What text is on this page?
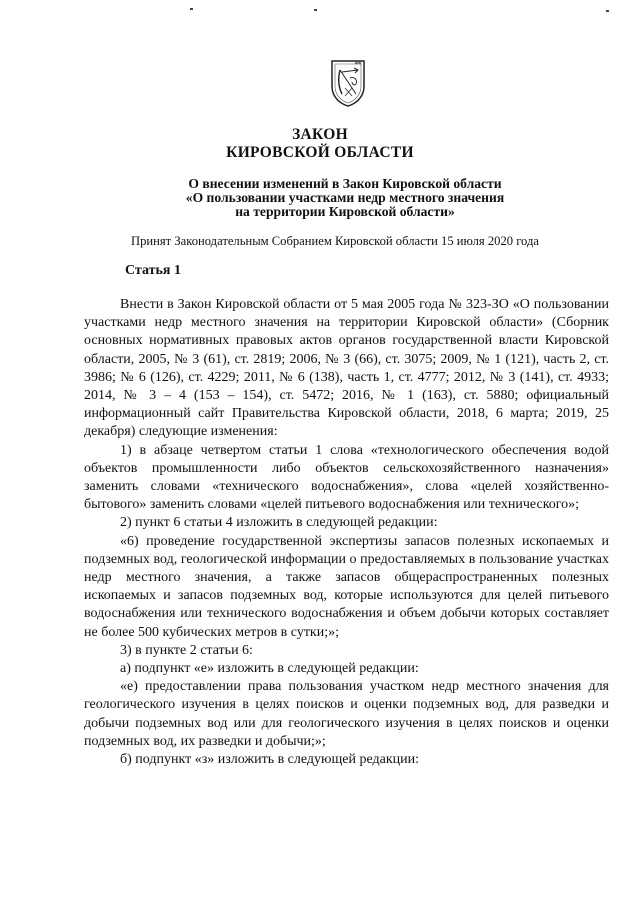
ЗАКОН
КИРОВСКОЙ ОБЛАСТИ
О внесении изменений в Закон Кировской области
«О пользовании участками недр местного значения
на территории Кировской области»
Принят Законодательным Собранием Кировской области 15 июля 2020 года
Статья 1

Внести в Закон Кировской области от 5 мая 2005 года № 323-ЗО «О пользовании участками недр местного значения на территории Кировской области» (Сборник основных нормативных правовых актов органов государственной власти Кировской области, 2005, № 3 (61), ст. 2819; 2006, № 3 (66), ст. 3075; 2009, № 1 (121), часть 2, ст. 3986; № 6 (126), ст. 4229; 2011, № 6 (138), часть 1, ст. 4777; 2012, № 3 (141), ст. 4933; 2014, № 3 – 4 (153 – 154), ст. 5472; 2016, № 1 (163), ст. 5880; официальный информационный сайт Правительства Кировской области, 2018, 6 марта; 2019, 25 декабря) следующие изменения:

1) в абзаце четвертом статьи 1 слова «технологического обеспечения водой объектов промышленности либо объектов сельскохозяйственного назначения» заменить словами «технического водоснабжения», слова «целей хозяйственно-бытового» заменить словами «целей питьевого водоснабжения или технического»;

2) пункт 6 статьи 4 изложить в следующей редакции:

«6) проведение государственной экспертизы запасов полезных ископаемых и подземных вод, геологической информации о предоставляемых в пользование участках недр местного значения, а также запасов общераспространенных полезных ископаемых и запасов подземных вод, которые используются для целей питьевого водоснабжения или технического водоснабжения и объем добычи которых составляет не более 500 кубических метров в сутки;»;

3) в пункте 2 статьи 6:

а) подпункт «е» изложить в следующей редакции:

«е) предоставлении права пользования участком недр местного значения для геологического изучения в целях поисков и оценки подземных вод, для разведки и добычи подземных вод или для геологического изучения в целях поисков и оценки подземных вод, их разведки и добычи;»;

б) подпункт «з» изложить в следующей редакции:
